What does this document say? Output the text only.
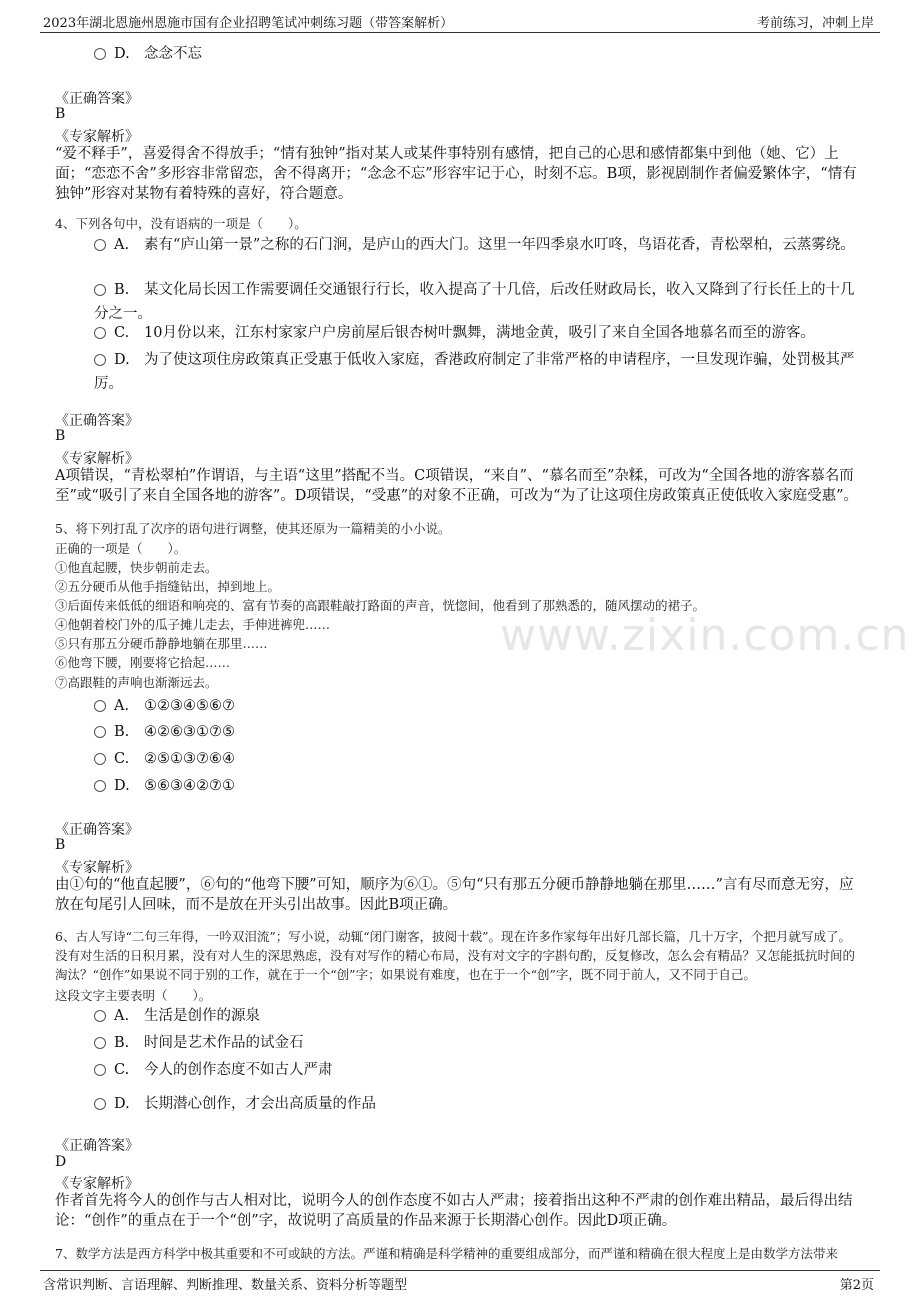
2023年湖北恩施州恩施市国有企业招聘笔试冲刺练习题（带答案解析）	考前练习，冲刺上岸
www.zixin.com.cn
D. 念念不忘
《正确答案》
B
《专家解析》
“爱不释手”，喜爱得舍不得放手；“情有独钟”指对某人或某件事特别有感情，把自己的心思和感情都集中到他（她、它）上面；“恋恋不舍”多形容非常留恋，舍不得离开；“念念不忘”形容牢记于心，时刻不忘。B项，影视剧制作者偏爱繁体字，“情有独钟”形容对某物有着特殊的喜好，符合题意。
4、下列各句中，没有语病的一项是（　　）。
A. 素有“庐山第一景”之称的石门涧，是庐山的西大门。这里一年四季泉水叮咚，鸟语花香，青松翠柏，云蒸雾绕。
B. 某文化局长因工作需要调任交通银行行长，收入提高了十几倍，后改任财政局长，收入又降到了行长任上的十几分之一。
C. 10月份以来，江东村家家户户房前屋后银杏树叶飘舞，满地金黄，吸引了来自全国各地慕名而至的游客。
D. 为了使这项住房政策真正受惠于低收入家庭，香港政府制定了非常严格的申请程序，一旦发现诈骗，处罚极其严厉。
《正确答案》
B
《专家解析》
A项错误，“青松翠柏”作谓语，与主语“这里”搭配不当。C项错误，“来自”、“慕名而至”杂糅，可改为“全国各地的游客慕名而至”或“吸引了来自全国各地的游客”。D项错误，“受惠”的对象不正确，可改为“为了让这项住房政策真正使低收入家庭受惠”。
5、将下列打乱了次序的语句进行调整，使其还原为一篇精美的小小说。
正确的一项是（　　）。
①他直起腰，快步朝前走去。
②五分硬币从他手指缝钻出，掉到地上。
③后面传来低低的细语和响亮的、富有节奏的高跟鞋敲打路面的声音，恍惚间，他看到了那熟悉的，随风摆动的裙子。
④他朝着校门外的瓜子摊儿走去，手伸进裤兜……
⑤只有那五分硬币静静地躺在那里……
⑥他弯下腰，刚要将它拾起……
⑦高跟鞋的声响也渐渐远去。
A. ①②③④⑤⑥⑦
B. ④②⑥③①⑦⑤
C. ②⑤①③⑦⑥④
D. ⑤⑥③④②⑦①
《正确答案》
B
《专家解析》
由①句的“他直起腰”，⑥句的“他弯下腰”可知，顺序为⑥①。⑤句“只有那五分硬币静静地躺在那里……”言有尽而意无穷，应放在句尾引人回味，而不是放在开头引出故事。因此B项正确。
6、古人写诗“二句三年得，一吟双泪流”；写小说，动辄“闭门谢客，披阅十载”。现在许多作家每年出好几部长篇，几十万字，个把月就写成了。没有对生活的日积月累，没有对人生的深思熟虑，没有对写作的精心布局，没有对文字的字斟句酌，反复修改，怎么会有精品？又怎能抵抗时间的淘汰？“创作”如果说不同于别的工作，就在于一个“创”字；如果说有难度，也在于一个“创”字，既不同于前人，又不同于自己。
这段文字主要表明（　　）。
A. 生活是创作的源泉
B. 时间是艺术作品的试金石
C. 今人的创作态度不如古人严肃
D. 长期潜心创作，才会出高质量的作品
《正确答案》
D
《专家解析》
作者首先将今人的创作与古人相对比，说明今人的创作态度不如古人严肃；接着指出这种不严肃的创作难出精品，最后得出结论：“创作”的重点在于一个“创”字，故说明了高质量的作品来源于长期潜心创作。因此D项正确。
7、数学方法是西方科学中极其重要和不可或缺的方法。严谨和精确是科学精神的重要组成部分，而严谨和精确在很大程度上是由数学方法带来
含常识判断、言语理解、判断推理、数量关系、资料分析等题型	第2页
